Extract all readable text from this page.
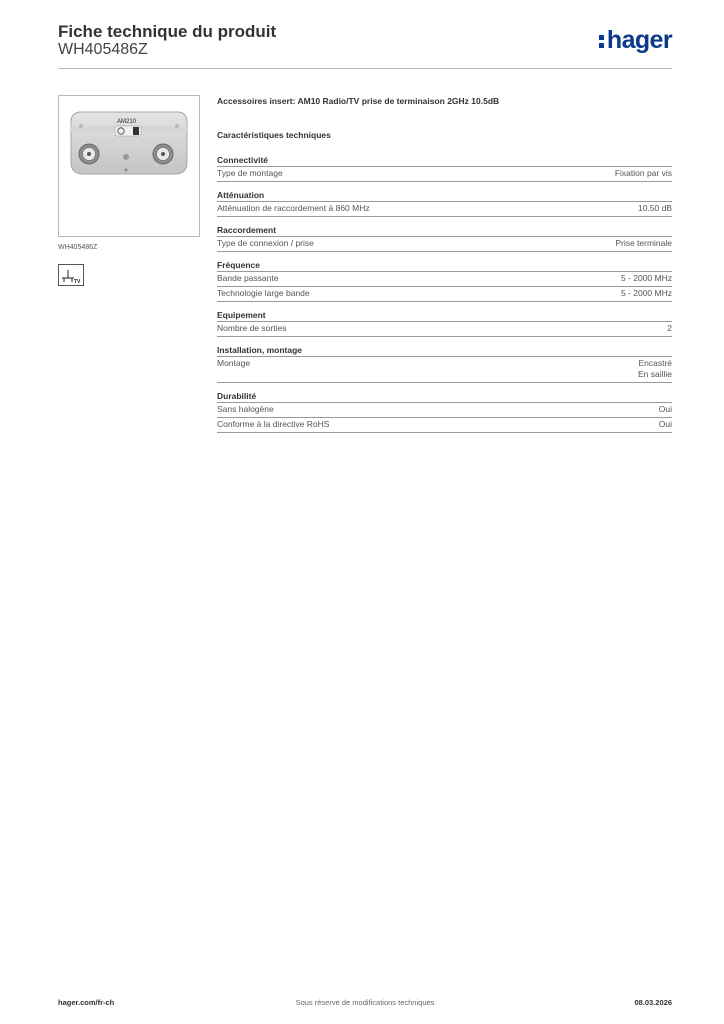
Fiche technique du produit
WH405486Z	hager
AM210
WH405486Z
TV
Accessoires insert: AM10 Radio/TV prise de terminaison 2GHz 10.5dB
Caractéristiques techniques
Connectivité
Type de montage	Fixation par vis
Atténuation
Atténuation de raccordement à 860 MHz	10.50 dB
Raccordement
Type de connexion / prise	Prise terminale
Fréquence
Bande passante	5 - 2000 MHz
Technologie large bande	5 - 2000 MHz
Equipement
Nombre de sorties	2
Installation, montage
Montage	Encastré
En saillie
Durabilité
Sans halogène	Oui
Conforme à la directive RoHS	Oui
hager.com/fr-ch	Sous réserve de modifications techniques	08.03.2026
